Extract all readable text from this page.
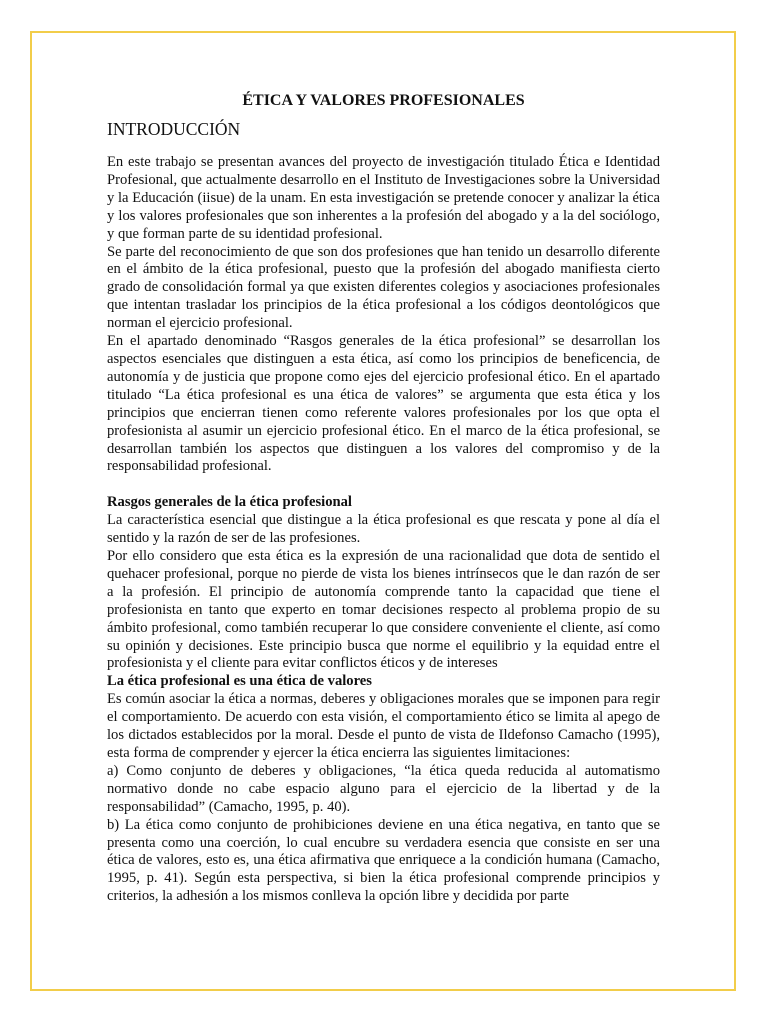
ÉTICA Y VALORES PROFESIONALES
INTRODUCCIÓN

En este trabajo se presentan avances del proyecto de investigación titulado Ética e Identidad Profesional, que actualmente desarrollo en el Instituto de Investigaciones sobre la Universidad y la Educación (iisue) de la unam. En esta investigación se pretende conocer y analizar la ética y los valores profesionales que son inherentes a la profesión del abogado y a la del sociólogo, y que forman parte de su identidad profesional.

Se parte del reconocimiento de que son dos profesiones que han tenido un desarrollo diferente en el ámbito de la ética profesional, puesto que la profesión del abogado manifiesta cierto grado de consolidación formal ya que existen diferentes colegios y asociaciones profesionales que intentan trasladar los principios de la ética profesional a los códigos deontológicos que norman el ejercicio profesional.

En el apartado denominado “Rasgos generales de la ética profesional” se desarrollan los aspectos esenciales que distinguen a esta ética, así como los principios de beneficencia, de autonomía y de justicia que propone como ejes del ejercicio profesional ético. En el apartado titulado “La ética profesional es una ética de valores” se argumenta que esta ética y los principios que encierran tienen como referente valores profesionales por los que opta el profesionista al asumir un ejercicio profesional ético. En el marco de la ética profesional, se desarrollan también los aspectos que distinguen a los valores del compromiso y de la responsabilidad profesional.

Rasgos generales de la ética profesional

La característica esencial que distingue a la ética profesional es que rescata y pone al día el sentido y la razón de ser de las profesiones.

Por ello considero que esta ética es la expresión de una racionalidad que dota de sentido el quehacer profesional, porque no pierde de vista los bienes intrínsecos que le dan razón de ser a la profesión. El principio de autonomía comprende tanto la capacidad que tiene el profesionista en tanto que experto en tomar decisiones respecto al problema propio de su ámbito profesional, como también recuperar lo que considere conveniente el cliente, así como su opinión y decisiones. Este principio busca que norme el equilibrio y la equidad entre el profesionista y el cliente para evitar conflictos éticos y de intereses

La ética profesional es una ética de valores

Es común asociar la ética a normas, deberes y obligaciones morales que se imponen para regir el comportamiento. De acuerdo con esta visión, el comportamiento ético se limita al apego de los dictados establecidos por la moral. Desde el punto de vista de Ildefonso Camacho (1995), esta forma de comprender y ejercer la ética encierra las siguientes limitaciones:

a) Como conjunto de deberes y obligaciones, “la ética queda reducida al automatismo normativo donde no cabe espacio alguno para el ejercicio de la libertad y de la responsabilidad” (Camacho, 1995, p. 40).

b) La ética como conjunto de prohibiciones deviene en una ética negativa, en tanto que se presenta como una coerción, lo cual encubre su verdadera esencia que consiste en ser una ética de valores, esto es, una ética afirmativa que enriquece a la condición humana (Camacho, 1995, p. 41). Según esta perspectiva, si bien la ética profesional comprende principios y criterios, la adhesión a los mismos conlleva la opción libre y decidida por parte
